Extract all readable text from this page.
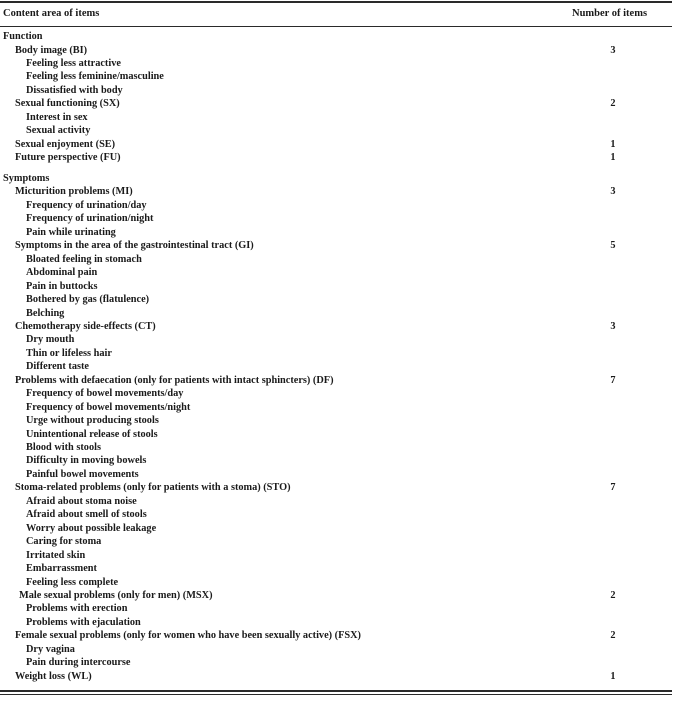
Content area of items	Number of items
Function
Body image (BI)	3
Feeling less attractive
Feeling less feminine/masculine
Dissatisfied with body
Sexual functioning (SX)	2
Interest in sex
Sexual activity
Sexual enjoyment (SE)	1
Future perspective (FU)	1
Symptoms
Micturition problems (MI)	3
Frequency of urination/day
Frequency of urination/night
Pain while urinating
Symptoms in the area of the gastrointestinal tract (GI)	5
Bloated feeling in stomach
Abdominal pain
Pain in buttocks
Bothered by gas (flatulence)
Belching
Chemotherapy side-effects (CT)	3
Dry mouth
Thin or lifeless hair
Different taste
Problems with defaecation (only for patients with intact sphincters) (DF)	7
Frequency of bowel movements/day
Frequency of bowel movements/night
Urge without producing stools
Unintentional release of stools
Blood with stools
Difficulty in moving bowels
Painful bowel movements
Stoma-related problems (only for patients with a stoma) (STO)	7
Afraid about stoma noise
Afraid about smell of stools
Worry about possible leakage
Caring for stoma
Irritated skin
Embarrassment
Feeling less complete
Male sexual problems (only for men) (MSX)	2
Problems with erection
Problems with ejaculation
Female sexual problems (only for women who have been sexually active) (FSX)	2
Dry vagina
Pain during intercourse
Weight loss (WL)	1
